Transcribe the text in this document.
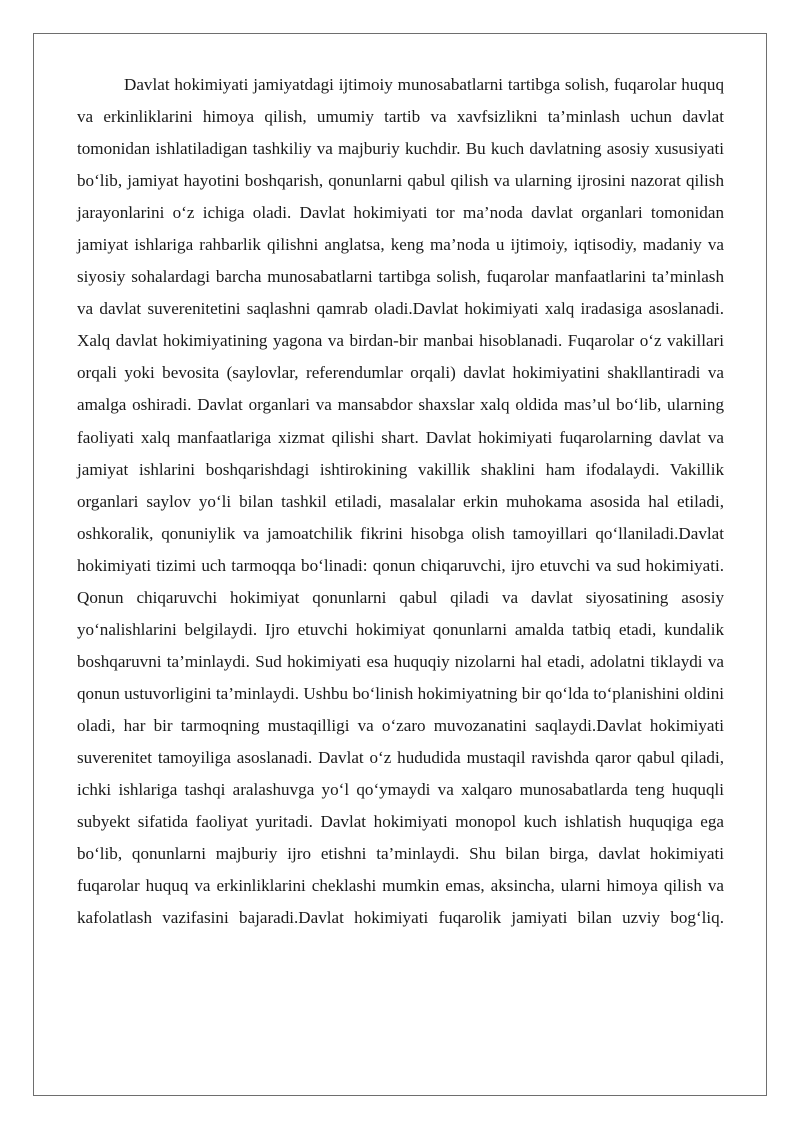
Davlat hokimiyati jamiyatdagi ijtimoiy munosabatlarni tartibga solish, fuqarolar huquq va erkinliklarini himoya qilish, umumiy tartib va xavfsizlikni ta’minlash uchun davlat tomonidan ishlatiladigan tashkiliy va majburiy kuchdir. Bu kuch davlatning asosiy xususiyati bo‘lib, jamiyat hayotini boshqarish, qonunlarni qabul qilish va ularning ijrosini nazorat qilish jarayonlarini o‘z ichiga oladi. Davlat hokimiyati tor ma’noda davlat organlari tomonidan jamiyat ishlariga rahbarlik qilishni anglatsa, keng ma’noda u ijtimoiy, iqtisodiy, madaniy va siyosiy sohalardagi barcha munosabatlarni tartibga solish, fuqarolar manfaatlarini ta’minlash va davlat suverenitetini saqlashni qamrab oladi.Davlat hokimiyati xalq iradasiga asoslanadi. Xalq davlat hokimiyatining yagona va birdan-bir manbai hisoblanadi. Fuqarolar o‘z vakillari orqali yoki bevosita (saylovlar, referendumlar orqali) davlat hokimiyatini shakllantiradi va amalga oshiradi. Davlat organlari va mansabdor shaxslar xalq oldida mas’ul bo‘lib, ularning faoliyati xalq manfaatlariga xizmat qilishi shart. Davlat hokimiyati fuqarolarning davlat va jamiyat ishlarini boshqarishdagi ishtirokining vakillik shaklini ham ifodalaydi. Vakillik organlari saylov yo‘li bilan tashkil etiladi, masalalar erkin muhokama asosida hal etiladi, oshkoralik, qonuniylik va jamoatchilik fikrini hisobga olish tamoyillari qo‘llaniladi.Davlat hokimiyati tizimi uch tarmoqqa bo‘linadi: qonun chiqaruvchi, ijro etuvchi va sud hokimiyati. Qonun chiqaruvchi hokimiyat qonunlarni qabul qiladi va davlat siyosatining asosiy yo‘nalishlarini belgilaydi. Ijro etuvchi hokimiyat qonunlarni amalda tatbiq etadi, kundalik boshqaruvni ta’minlaydi. Sud hokimiyati esa huquqiy nizolarni hal etadi, adolatni tiklaydi va qonun ustuvorligini ta’minlaydi. Ushbu bo‘linish hokimiyatning bir qo‘lda to‘planishini oldini oladi, har bir tarmoqning mustaqilligi va o‘zaro muvozanatini saqlaydi.Davlat hokimiyati suverenitet tamoyiliga asoslanadi. Davlat o‘z hududida mustaqil ravishda qaror qabul qiladi, ichki ishlariga tashqi aralashuvga yo‘l qo‘ymaydi va xalqaro munosabatlarda teng huquqli subyekt sifatida faoliyat yuritadi. Davlat hokimiyati monopol kuch ishlatish huquqiga ega bo‘lib, qonunlarni majburiy ijro etishni ta’minlaydi. Shu bilan birga, davlat hokimiyati fuqarolar huquq va erkinliklarini cheklashi mumkin emas, aksincha, ularni himoya qilish va kafolatlash vazifasini bajaradi.Davlat hokimiyati fuqarolik jamiyati bilan uzviy bog‘liq.
